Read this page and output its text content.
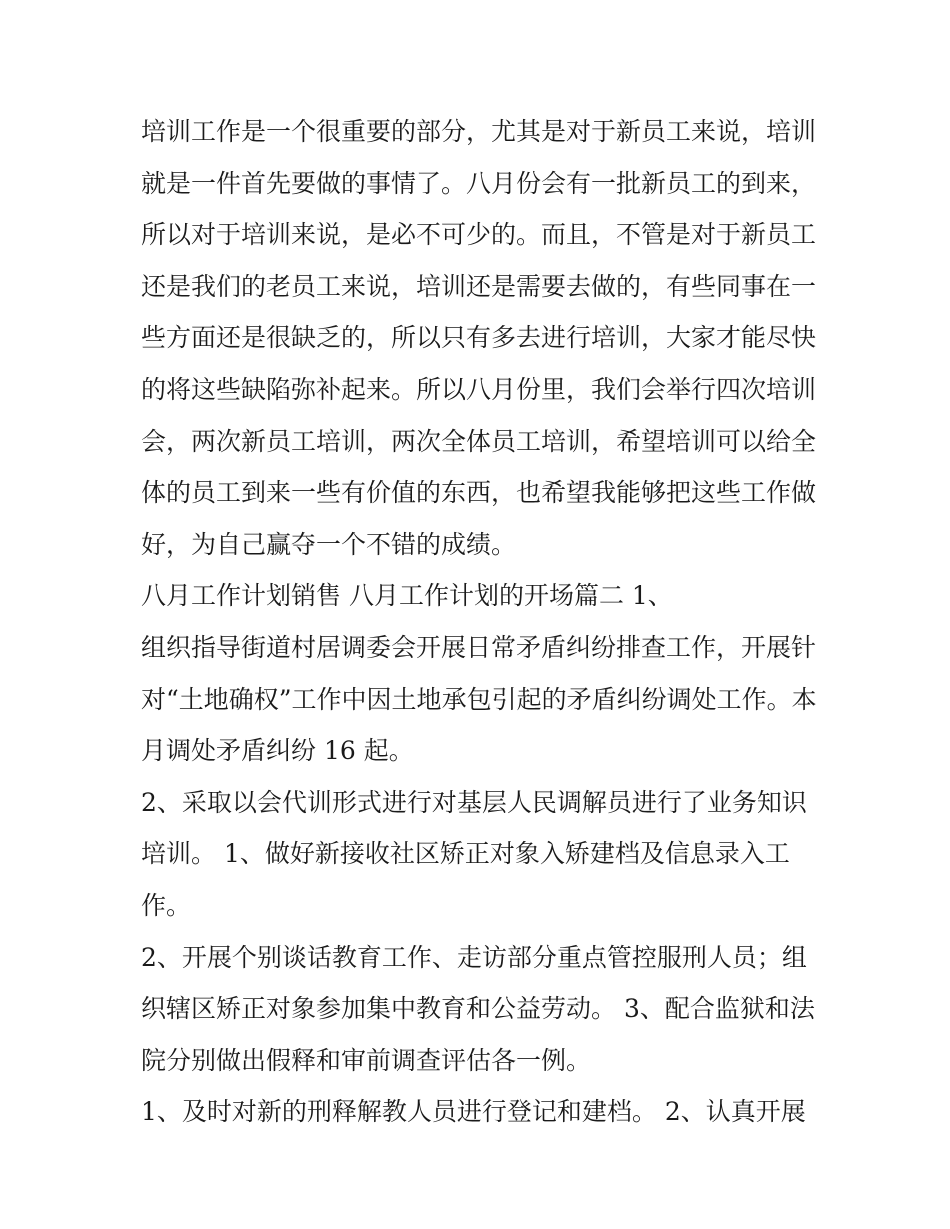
培训工作是一个很重要的部分，尤其是对于新员工来说，培训
就是一件首先要做的事情了。八月份会有一批新员工的到来，
所以对于培训来说，是必不可少的。而且，不管是对于新员工
还是我们的老员工来说，培训还是需要去做的，有些同事在一
些方面还是很缺乏的，所以只有多去进行培训，大家才能尽快
的将这些缺陷弥补起来。所以八月份里，我们会举行四次培训
会，两次新员工培训，两次全体员工培训，希望培训可以给全
体的员工到来一些有价值的东西，也希望我能够把这些工作做
好，为自己赢夺一个不错的成绩。
八月工作计划销售 八月工作计划的开场篇二 1、
组织指导街道村居调委会开展日常矛盾纠纷排查工作，开展针
对“土地确权”工作中因土地承包引起的矛盾纠纷调处工作。本
月调处矛盾纠纷 16 起。
2、采取以会代训形式进行对基层人民调解员进行了业务知识
培训。 1、做好新接收社区矫正对象入矫建档及信息录入工
作。
2、开展个别谈话教育工作、走访部分重点管控服刑人员；组
织辖区矫正对象参加集中教育和公益劳动。 3、配合监狱和法
院分别做出假释和审前调查评估各一例。
1、及时对新的刑释解教人员进行登记和建档。 2、认真开展
